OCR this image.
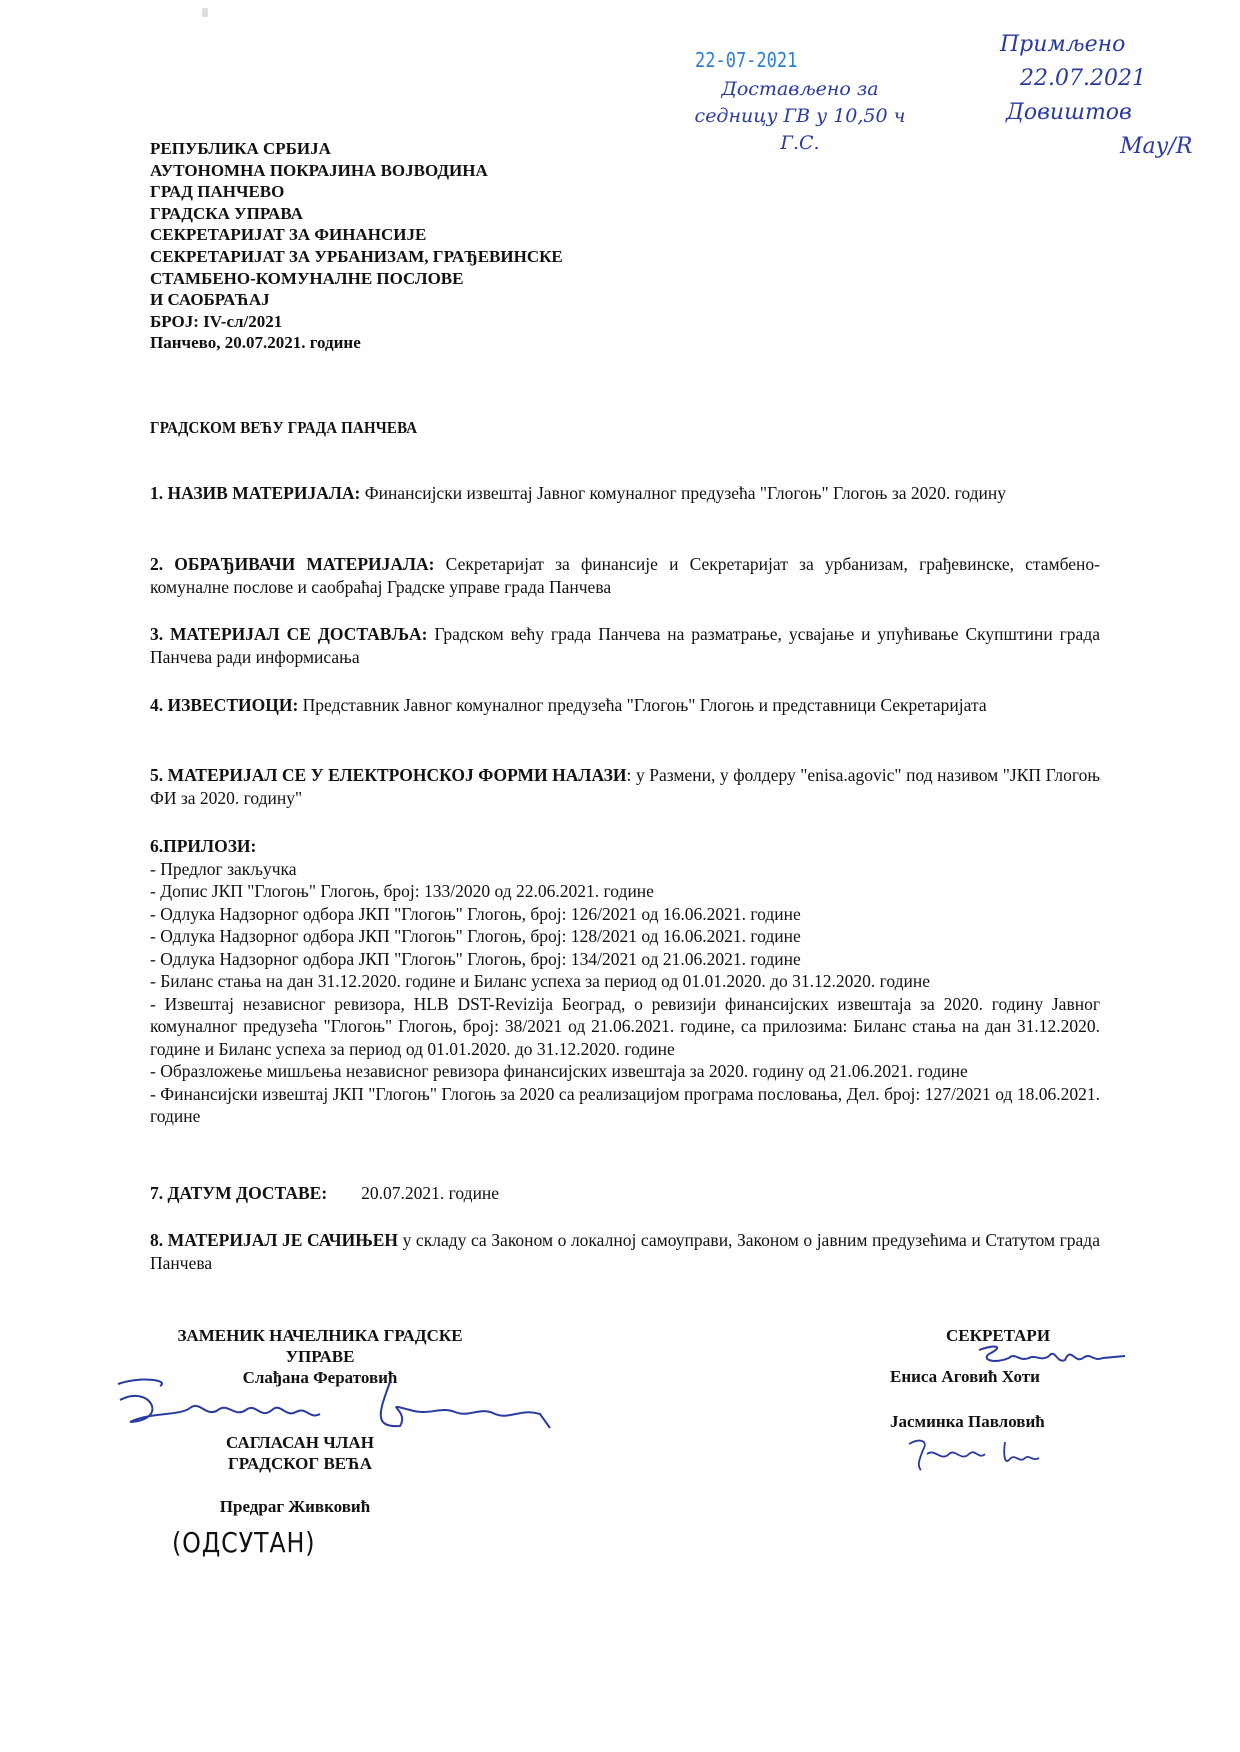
22-07-2021
Достављено за
седницу ГВ у 10,50 ч
Г.С.
Примљено
22.07.2021
Довиштов
Мау/R
РЕПУБЛИКА СРБИЈА
АУТОНОМНА ПОКРАЈИНА ВОЈВОДИНА
ГРАД ПАНЧЕВО
ГРАДСКА УПРАВА
СЕКРЕТАРИЈАТ ЗА ФИНАНСИЈЕ
СЕКРЕТАРИЈАТ ЗА УРБАНИЗАМ, ГРАЂЕВИНСКЕ
СТАМБЕНО-КОМУНАЛНЕ ПОСЛОВЕ
И САОБРАЋАЈ
БРОЈ: IV-сл/2021
Панчево, 20.07.2021. године
ГРАДСКОМ ВЕЋУ ГРАДА ПАНЧЕВА
1. НАЗИВ МАТЕРИЈАЛА: Финансијски извештај Јавног комуналног предузећа "Глогоњ" Глогоњ за 2020. годину
2. ОБРАЂИВАЧИ МАТЕРИЈАЛА: Секретаријат за финансије и Секретаријат за урбанизам, грађевинске, стамбено-комуналне послове и саобраћај Градске управе града Панчева
3. МАТЕРИЈАЛ СЕ ДОСТАВЉА: Градском већу града Панчева на разматрање, усвајање и упућивање Скупштини града Панчева ради информисања
4. ИЗВЕСТИОЦИ: Представник Јавног комуналног предузећа "Глогоњ" Глогоњ и представници Секретаријата
5. МАТЕРИЈАЛ СЕ У ЕЛЕКТРОНСКОЈ ФОРМИ НАЛАЗИ: у Размени, у фолдеру "enisa.agovic" под називом "ЈКП Глогоњ ФИ за 2020. годину"
6.ПРИЛОЗИ:
- Предлог закључка
- Допис ЈКП "Глогоњ" Глогоњ, број: 133/2020 од 22.06.2021. године
- Одлука Надзорног одбора ЈКП "Глогоњ" Глогоњ, број: 126/2021 од 16.06.2021. године
- Одлука Надзорног одбора ЈКП "Глогоњ" Глогоњ, број: 128/2021 од 16.06.2021. године
- Одлука Надзорног одбора ЈКП "Глогоњ" Глогоњ, број: 134/2021 од 21.06.2021. године
- Биланс стања на дан 31.12.2020. године и Биланс успеха за период од 01.01.2020. до 31.12.2020. године
- Извештај независног ревизора, HLB DST-Revizija Београд, о ревизији финансијских извештаја за 2020. годину Јавног комуналног предузећа "Глогоњ" Глогоњ, број: 38/2021 од 21.06.2021. године, са прилозима: Биланс стања на дан 31.12.2020. године и Биланс успеха за период од 01.01.2020. до 31.12.2020. године
- Образложење мишљења независног ревизора финансијских извештаја за 2020. годину од 21.06.2021. године
- Финансијски извештај ЈКП "Глогоњ" Глогоњ за 2020 са реализацијом програма пословања, Дел. број: 127/2021 од 18.06.2021. године
7. ДАТУМ ДОСТАВЕ: 20.07.2021. године
8. МАТЕРИЈАЛ ЈЕ САЧИЊЕН у складу са Законом о локалној самоуправи, Законом о јавним предузећима и Статутом града Панчева
ЗАМЕНИК НАЧЕЛНИКА ГРАДСКЕ
УПРАВЕ
Слађана Фератовић
САГЛАСАН ЧЛАН
ГРАДСКОГ ВЕЋА
Предраг Живковић
(ОДСУТАН)
СЕКРЕТАРИ
Ениса Аговић Хоти
Јасминка Павловић
